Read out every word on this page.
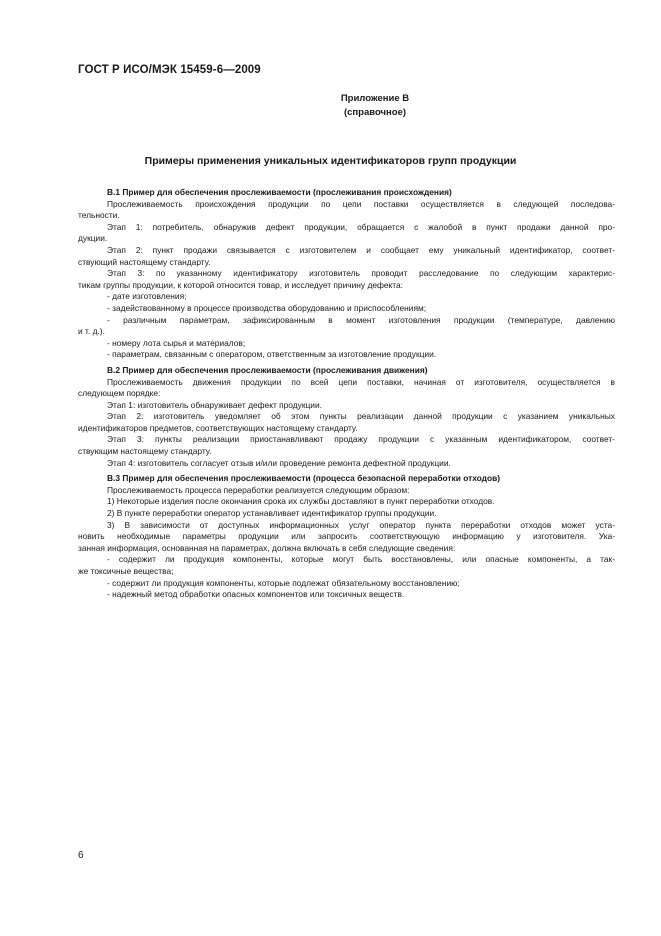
ГОСТ Р ИСО/МЭК 15459-6—2009
Приложение В
(справочное)
Примеры применения уникальных идентификаторов групп продукции
В.1 Пример для обеспечения прослеживаемости (прослеживания происхождения)
Прослеживаемость происхождения продукции по цепи поставки осуществляется в следующей последова-
тельности.
Этап 1: потребитель, обнаружив дефект продукции, обращается с жалобой в пункт продажи данной про-
дукции.
Этап 2: пункт продажи связывается с изготовителем и сообщает ему уникальный идентификатор, соответ-
ствующий настоящему стандарту.
Этап 3: по указанному идентификатору изготовитель проводит расследование по следующим характерис-
тикам группы продукции, к которой относится товар, и исследует причину дефекта:
- дате изготовления;
- задействованному в процессе производства оборудованию и приспособлениям;
- различным параметрам, зафиксированным в момент изготовления продукции (температуре, давлению
и т. д.).
- номеру лота сырья и материалов;
- параметрам, связанным с оператором, ответственным за изготовление продукции.
В.2 Пример для обеспечения прослеживаемости (прослеживания движения)
Прослеживаемость движения продукции по всей цепи поставки, начиная от изготовителя, осуществляется в
следующем порядке:
Этап 1: изготовитель обнаруживает дефект продукции.
Этап 2: изготовитель уведомляет об этом пункты реализации данной продукции с указанием уникальных
идентификаторов предметов, соответствующих настоящему стандарту.
Этап 3: пункты реализации приостанавливают продажу продукции с указанным идентификатором, соответ-
ствующим настоящему стандарту.
Этап 4: изготовитель согласует отзыв и/или проведение ремонта дефектной продукции.
В.3 Пример для обеспечения прослеживаемости (процесса безопасной переработки отходов)
Прослеживаемость процесса переработки реализуется следующим образом:
1) Некоторые изделия после окончания срока их службы доставляют в пункт переработки отходов.
2) В пункте переработки оператор устанавливает идентификатор группы продукции.
3) В зависимости от доступных информационных услуг оператор пункта переработки отходов может уста-
новить необходимые параметры продукции или запросить соответствующую информацию у изготовителя. Ука-
занная информация, основанная на параметрах, должна включать в себя следующие сведения:
- содержит ли продукция компоненты, которые могут быть восстановлены, или опасные компоненты, а так-
же токсичные вещества;
- содержит ли продукция компоненты, которые подлежат обязательному восстановлению;
- надежный метод обработки опасных компонентов или токсичных веществ.
6
